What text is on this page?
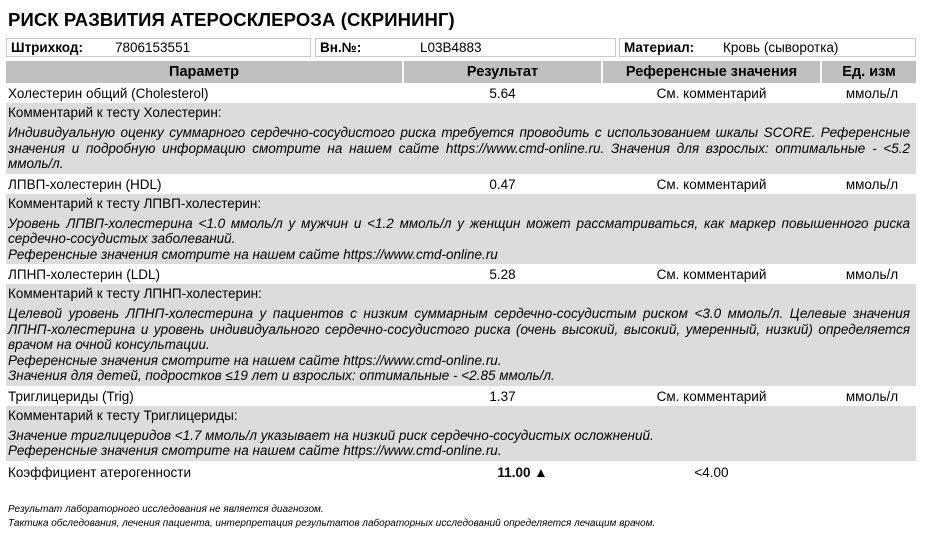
РИСК РАЗВИТИЯ АТЕРОСКЛЕРОЗА (СКРИНИНГ)
Штрихкод: 7806153551	Вн.№:	L03B4883	Материал: Кровь (сыворотка)
Параметр	Результат	Референсные значения	Ед. изм
Холестерин общий (Cholesterol)	5.64	См. комментарий	ммоль/л
Комментарий к тесту Холестерин:

Индивидуальную оценку суммарного сердечно-сосудистого риска требуется проводить с использованием шкалы SCORE. Референсные значения и подробную информацию смотрите на нашем сайте https://www.cmd-online.ru. Значения для взрослых: оптимальные - <5.2 ммоль/л.

ЛПВП-холестерин (HDL)	0.47	См. комментарий	ммоль/л
Комментарий к тесту ЛПВП-холестерин:

Уровень ЛПВП-холестерина <1.0 ммоль/л у мужчин и <1.2 ммоль/л у женщин может рассматриваться, как маркер повышенного риска сердечно-сосудистых заболеваний.

Референсные значения смотрите на нашем сайте https://www.cmd-online.ru

ЛПНП-холестерин (LDL)	5.28	См. комментарий	ммоль/л
Комментарий к тесту ЛПНП-холестерин:

Целевой уровень ЛПНП-холестерина у пациентов с низким суммарным сердечно-сосудистым риском <3.0 ммоль/л. Целевые значения ЛПНП-холестерина и уровень индивидуального сердечно-сосудистого риска (очень высокий, высокий, умеренный, низкий) определяется врачом на очной консультации.

Референсные значения смотрите на нашем сайте https://www.cmd-online.ru.

Значения для детей, подростков ≤19 лет и взрослых: оптимальные - <2.85 ммоль/л.

Триглицериды (Trig)	1.37	См. комментарий	ммоль/л
Комментарий к тесту Триглицериды:

Значение триглицеридов <1.7 ммоль/л указывает на низкий риск сердечно-сосудистых осложнений.

Референсные значения смотрите на нашем сайте https://www.cmd-online.ru.

Коэффициент атерогенности	11.00 ▲	<4.00
Результат лабораторного исследования не является диагнозом.
Тактика обследования, лечения пациента, интерпретация результатов лабораторных исследований определяется лечащим врачом.
